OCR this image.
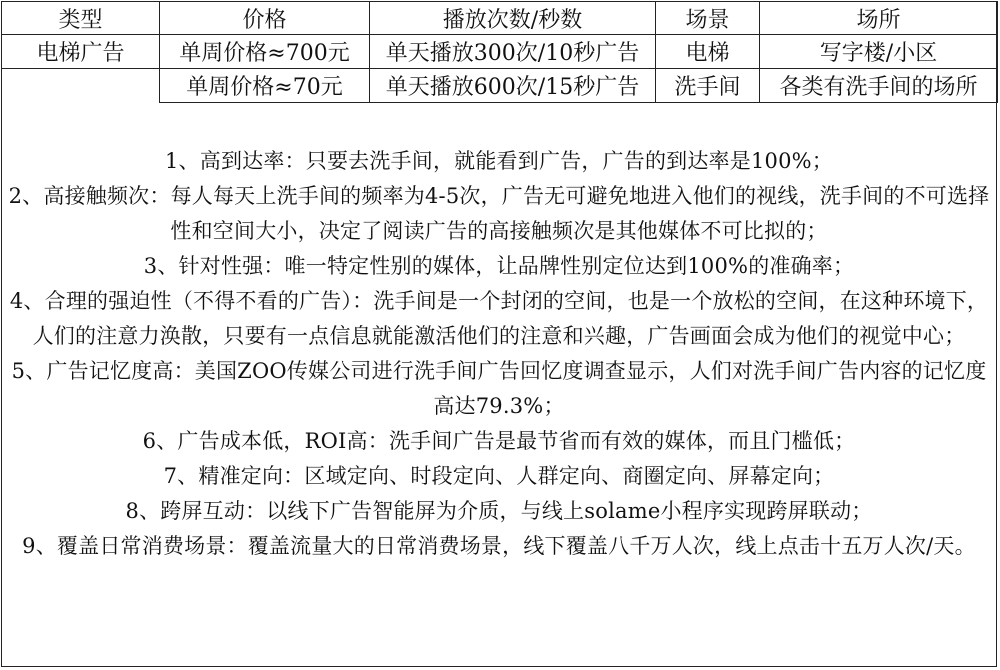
类型	价格	播放次数/秒数	场景	场所
电梯广告	单周价格≈700元	单天播放300次/10秒广告	电梯	写字楼/小区
	单周价格≈70元	单天播放600次/15秒广告	洗手间	各类有洗手间的场所

1、高到达率：只要去洗手间，就能看到广告，广告的到达率是100%；

2、高接触频次：每人每天上洗手间的频率为4-5次，广告无可避免地进入他们的视线，洗手间的不可选择性和空间大小，决定了阅读广告的高接触频次是其他媒体不可比拟的；

3、针对性强：唯一特定性别的媒体，让品牌性别定位达到100%的准确率；

4、合理的强迫性（不得不看的广告）：洗手间是一个封闭的空间，也是一个放松的空间，在这种环境下，人们的注意力涣散，只要有一点信息就能激活他们的注意和兴趣，广告画面会成为他们的视觉中心；

5、广告记忆度高：美国ZOO传媒公司进行洗手间广告回忆度调查显示，人们对洗手间广告内容的记忆度高达79.3%；

6、广告成本低，ROI高：洗手间广告是最节省而有效的媒体，而且门槛低；

7、精准定向：区域定向、时段定向、人群定向、商圈定向、屏幕定向；

8、跨屏互动：以线下广告智能屏为介质，与线上solame小程序实现跨屏联动；

9、覆盖日常消费场景：覆盖流量大的日常消费场景，线下覆盖八千万人次，线上点击十五万人次/天。
